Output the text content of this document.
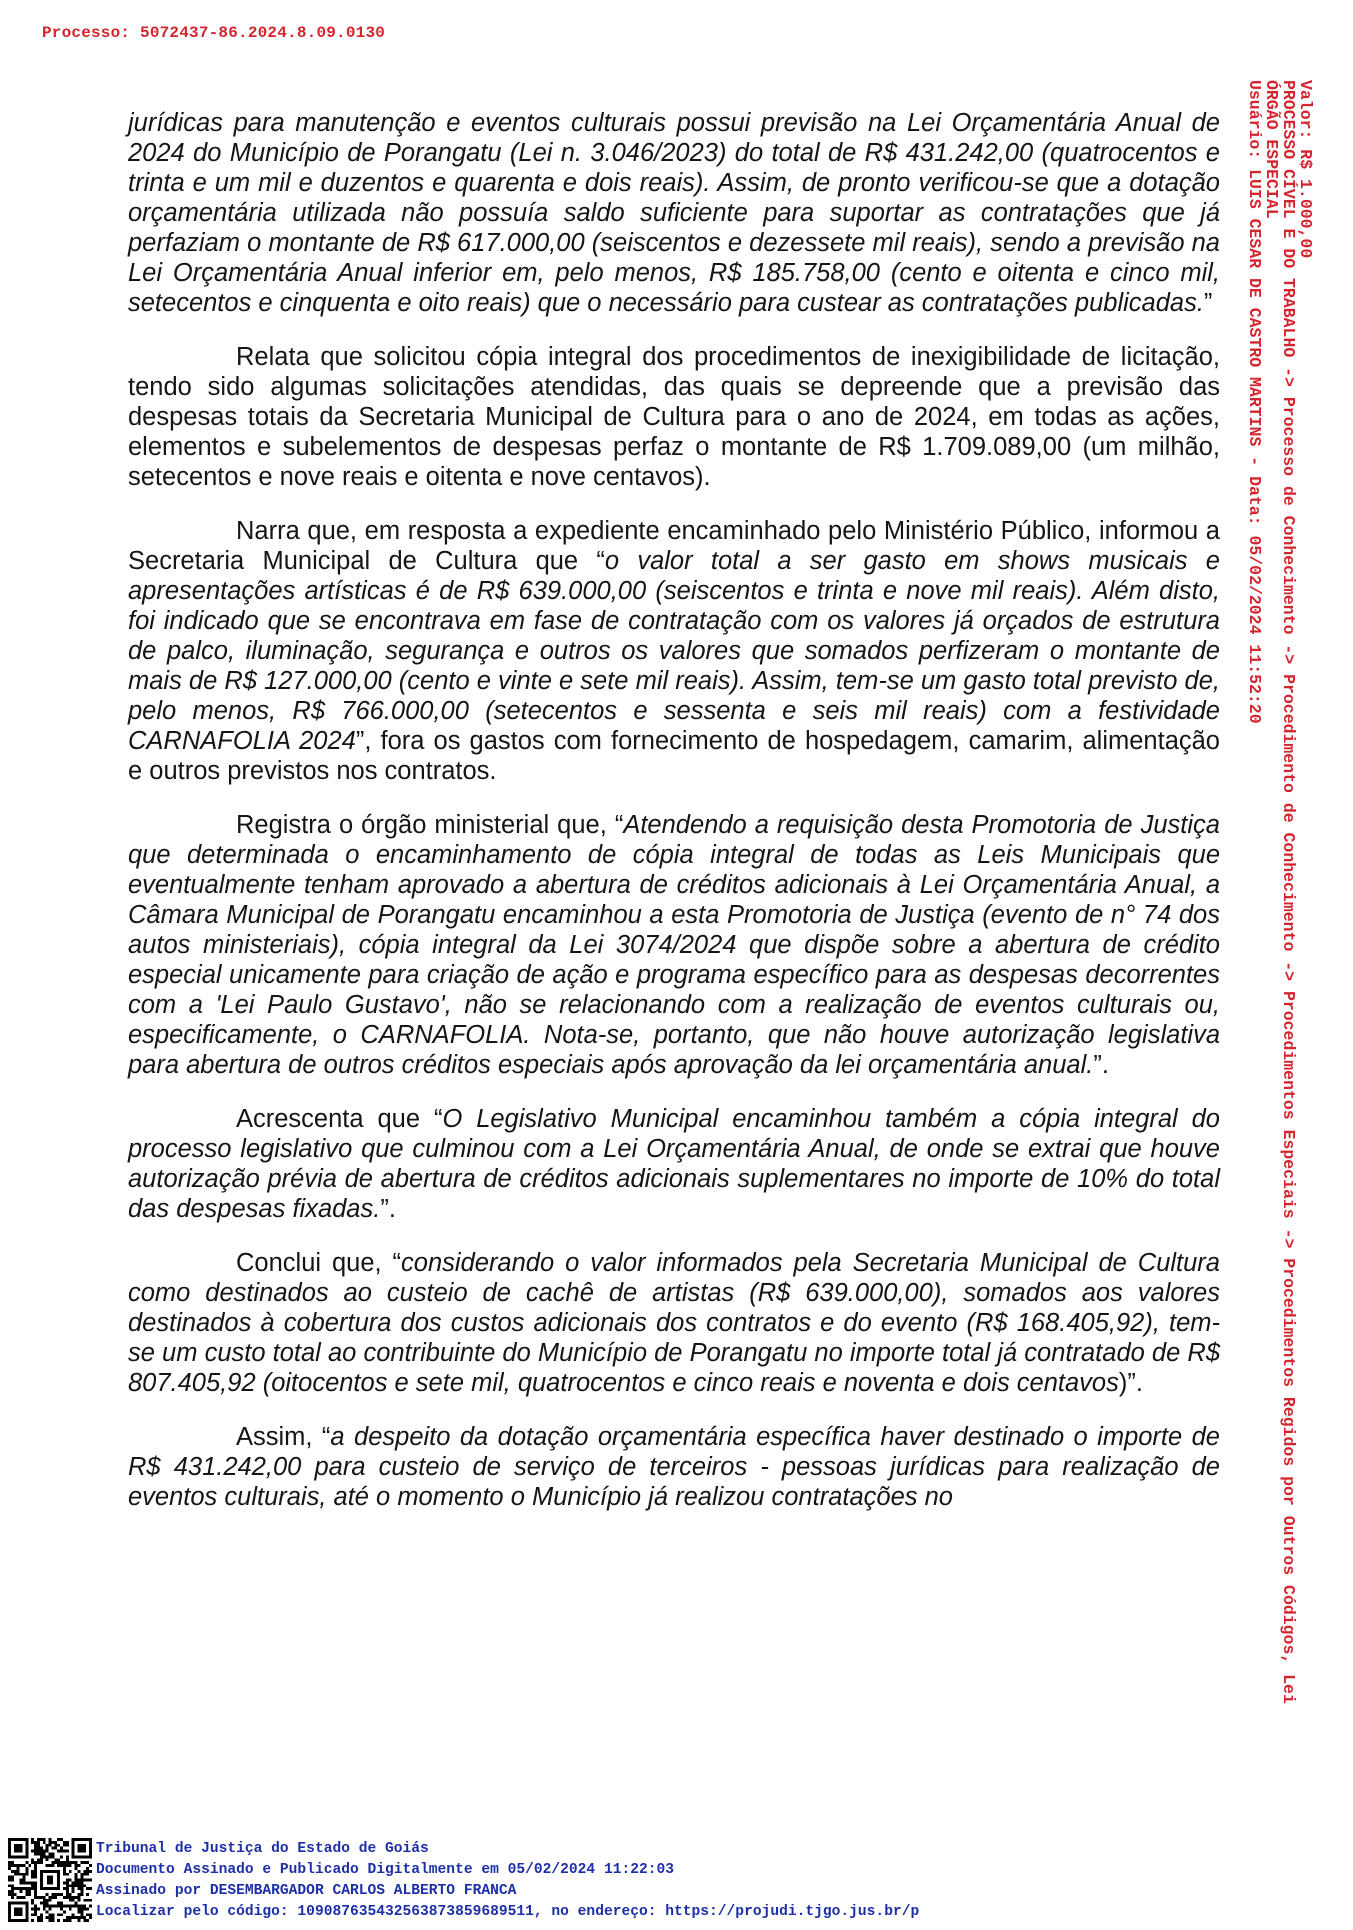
Processo: 5072437-86.2024.8.09.0130

jurídicas para manutenção e eventos culturais possui previsão na Lei Orçamentária Anual de 2024 do Município de Porangatu (Lei n. 3.046/2023) do total de R$ 431.242,00 (quatrocentos e trinta e um mil e duzentos e quarenta e dois reais). Assim, de pronto verificou-se que a dotação orçamentária utilizada não possuía saldo suficiente para suportar as contratações que já perfaziam o montante de R$ 617.000,00 (seiscentos e dezessete mil reais), sendo a previsão na Lei Orçamentária Anual inferior em, pelo menos, R$ 185.758,00 (cento e oitenta e cinco mil, setecentos e cinquenta e oito reais) que o necessário para custear as contratações publicadas.”

Relata que solicitou cópia integral dos procedimentos de inexigibilidade de licitação, tendo sido algumas solicitações atendidas, das quais se depreende que a previsão das despesas totais da Secretaria Municipal de Cultura para o ano de 2024, em todas as ações, elementos e subelementos de despesas perfaz o montante de R$ 1.709.089,00 (um milhão, setecentos e nove reais e oitenta e nove centavos).

Narra que, em resposta a expediente encaminhado pelo Ministério Público, informou a Secretaria Municipal de Cultura que “o valor total a ser gasto em shows musicais e apresentações artísticas é de R$ 639.000,00 (seiscentos e trinta e nove mil reais). Além disto, foi indicado que se encontrava em fase de contratação com os valores já orçados de estrutura de palco, iluminação, segurança e outros os valores que somados perfizeram o montante de mais de R$ 127.000,00 (cento e vinte e sete mil reais). Assim, tem-se um gasto total previsto de, pelo menos, R$ 766.000,00 (setecentos e sessenta e seis mil reais) com a festividade CARNAFOLIA 2024”, fora os gastos com fornecimento de hospedagem, camarim, alimentação e outros previstos nos contratos.

Registra o órgão ministerial que, “Atendendo a requisição desta Promotoria de Justiça que determinada o encaminhamento de cópia integral de todas as Leis Municipais que eventualmente tenham aprovado a abertura de créditos adicionais à Lei Orçamentária Anual, a Câmara Municipal de Porangatu encaminhou a esta Promotoria de Justiça (evento de n° 74 dos autos ministeriais), cópia integral da Lei 3074/2024 que dispõe sobre a abertura de crédito especial unicamente para criação de ação e programa específico para as despesas decorrentes com a 'Lei Paulo Gustavo', não se relacionando com a realização de eventos culturais ou, especificamente, o CARNAFOLIA. Nota-se, portanto, que não houve autorização legislativa para abertura de outros créditos especiais após aprovação da lei orçamentária anual.”.

Acrescenta que “O Legislativo Municipal encaminhou também a cópia integral do processo legislativo que culminou com a Lei Orçamentária Anual, de onde se extrai que houve autorização prévia de abertura de créditos adicionais suplementares no importe de 10% do total das despesas fixadas.”.

Conclui que, “considerando o valor informados pela Secretaria Municipal de Cultura como destinados ao custeio de cachê de artistas (R$ 639.000,00), somados aos valores destinados à cobertura dos custos adicionais dos contratos e do evento (R$ 168.405,92), tem-se um custo total ao contribuinte do Município de Porangatu no importe total já contratado de R$ 807.405,92 (oitocentos e sete mil, quatrocentos e cinco reais e noventa e dois centavos)”.

Assim, “a despeito da dotação orçamentária específica haver destinado o importe de R$ 431.242,00 para custeio de serviço de terceiros - pessoas jurídicas para realização de eventos culturais, até o momento o Município já realizou contratações no

Valor: R$ 1.000,00
PROCESSO CÍVEL E DO TRABALHO -> Processo de Conhecimento -> Procedimento de Conhecimento -> Procedimentos Especiais -> Procedimentos Regidos por Outros Códigos, Lei
ÓRGÃO ESPECIAL
Usuário: LUIS CESAR DE CASTRO MARTINS - Data: 05/02/2024 11:52:20
Tribunal de Justiça do Estado de Goiás
Documento Assinado e Publicado Digitalmente em 05/02/2024 11:22:03
Assinado por DESEMBARGADOR CARLOS ALBERTO FRANCA
Localizar pelo código: 109087635432563873859689511, no endereço: https://projudi.tjgo.jus.br/p
